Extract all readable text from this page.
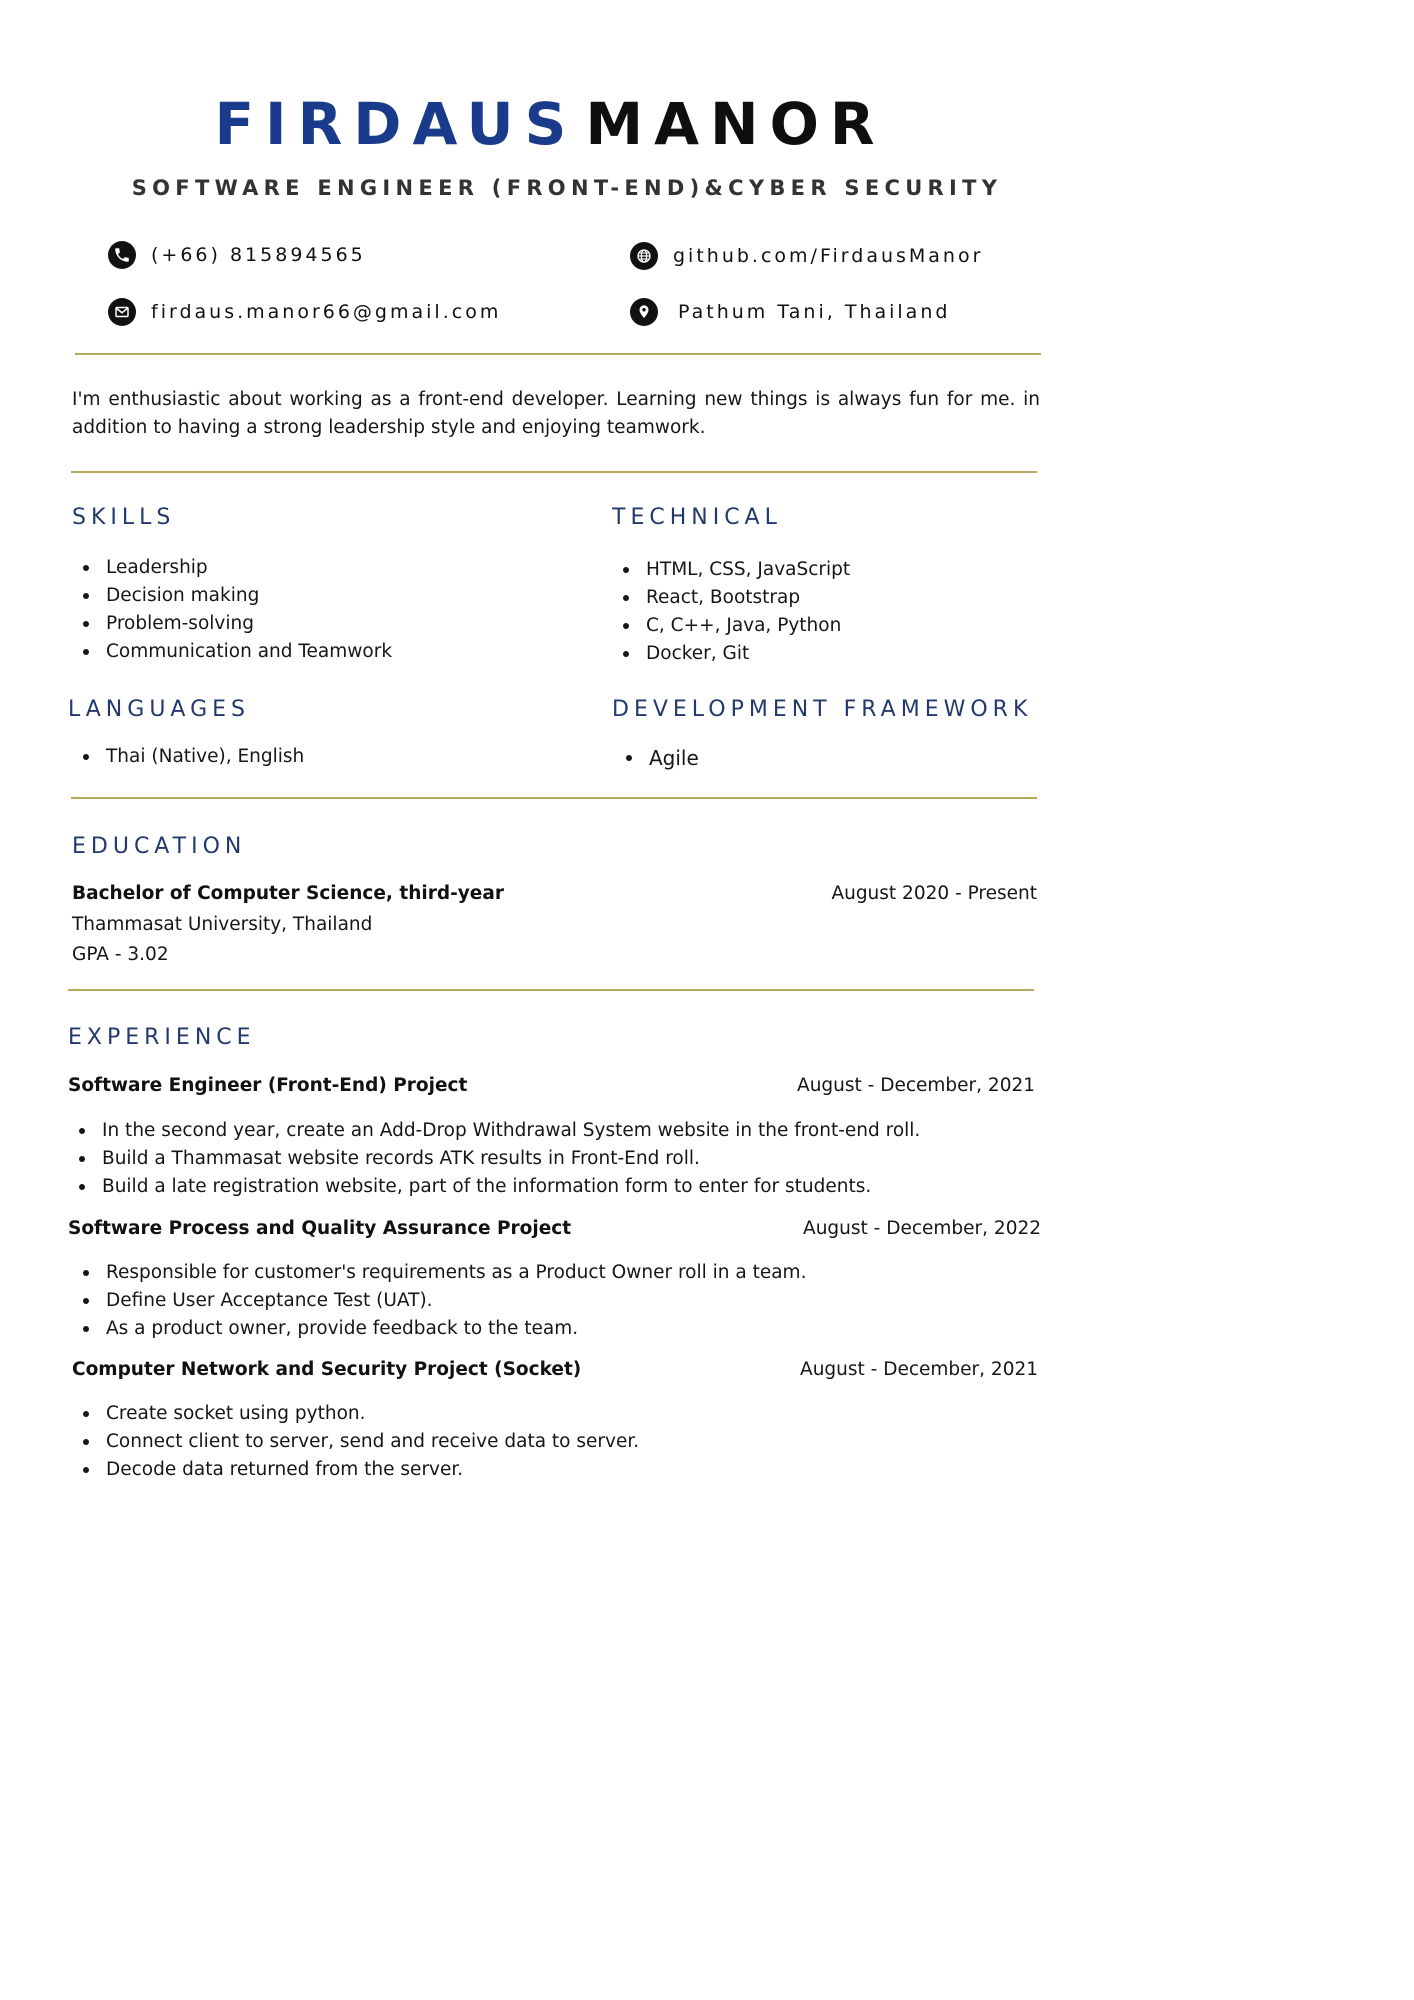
FIRDAUS MANOR
SOFTWARE ENGINEER (FRONT-END)&CYBER SECURITY
(+66) 815894565
firdaus.manor66@gmail.com
github.com/FirdausManor
Pathum Tani, Thailand
I'm enthusiastic about working as a front-end developer. Learning new things is always fun for me. in addition to having a strong leadership style and enjoying teamwork.
SKILLS
Leadership
Decision making
Problem-solving
Communication and Teamwork
TECHNICAL
HTML, CSS, JavaScript
React, Bootstrap
C, C++, Java, Python
Docker, Git
LANGUAGES
Thai (Native), English
DEVELOPMENT FRAMEWORK
Agile
EDUCATION
Bachelor of Computer Science, third-year	August 2020 - Present
Thammasat University, Thailand
GPA - 3.02
EXPERIENCE
Software Engineer (Front-End) Project	August - December, 2021
In the second year, create an Add-Drop Withdrawal System website in the front-end roll.
Build a Thammasat website records ATK results in Front-End roll.
Build a late registration website, part of the information form to enter for students.
Software Process and Quality Assurance Project	August - December, 2022
Responsible for customer's requirements as a Product Owner roll in a team.
Define User Acceptance Test (UAT).
As a product owner, provide feedback to the team.
Computer Network and Security Project (Socket)	August - December, 2021
Create socket using python.
Connect client to server, send and receive data to server.
Decode data returned from the server.
